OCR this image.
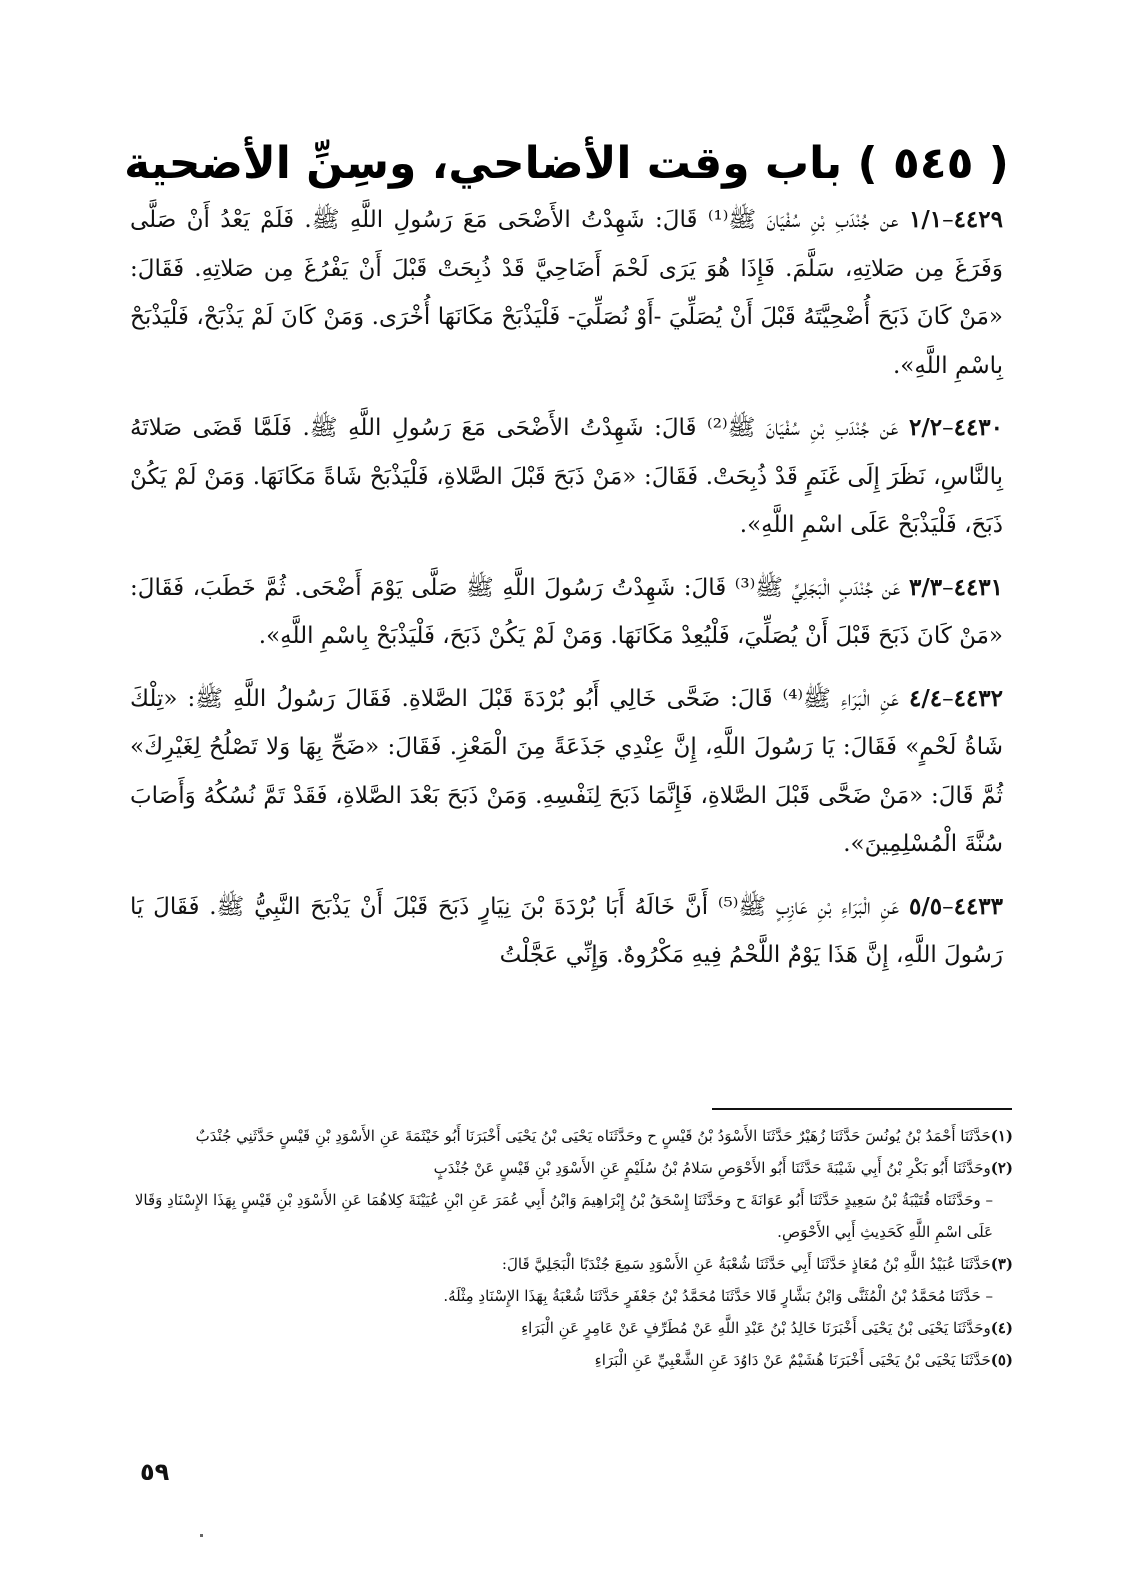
( ٥٤٥ ) باب وقت الأضاحي، وسِنِّ الأضحية

٤٤٢٩–١/١ عن جُنْدَبِ بْنِ سُفْيَانَ ﷺ⁽¹⁾ قَالَ: شَهِدْتُ الأَضْحَى مَعَ رَسُولِ اللَّهِ ﷺ. فَلَمْ يَعْدُ أَنْ صَلَّى وَفَرَغَ مِن صَلاتِهِ، سَلَّمَ. فَإِذَا هُوَ يَرَى لَحْمَ أَضَاحِيَّ قَدْ ذُبِحَتْ قَبْلَ أَنْ يَفْرُغَ مِن صَلاتِهِ. فَقَالَ: «مَنْ كَانَ ذَبَحَ أُضْحِيَّتَهُ قَبْلَ أَنْ يُصَلِّيَ -أَوْ نُصَلِّيَ- فَلْيَذْبَحْ مَكَانَهَا أُخْرَى. وَمَنْ كَانَ لَمْ يَذْبَحْ، فَلْيَذْبَحْ بِاسْمِ اللَّهِ».

٤٤٣٠–٢/٢ عَن جُنْدَبِ بْنِ سُفْيَانَ ﷺ⁽²⁾ قَالَ: شَهِدْتُ الأَضْحَى مَعَ رَسُولِ اللَّهِ ﷺ. فَلَمَّا قَضَى صَلاتَهُ بِالنَّاسِ، نَظَرَ إِلَى غَنَمٍ قَدْ ذُبِحَتْ. فَقَالَ: «مَنْ ذَبَحَ قَبْلَ الصَّلاةِ، فَلْيَذْبَحْ شَاةً مَكَانَهَا. وَمَنْ لَمْ يَكُنْ ذَبَحَ، فَلْيَذْبَحْ عَلَى اسْمِ اللَّهِ».

٤٤٣١–٣/٣ عَن جُنْدَبٍ الْبَجَلِيِّ ﷺ⁽³⁾ قَالَ: شَهِدْتُ رَسُولَ اللَّهِ ﷺ صَلَّى يَوْمَ أَضْحَى. ثُمَّ خَطَبَ، فَقَالَ: «مَنْ كَانَ ذَبَحَ قَبْلَ أَنْ يُصَلِّيَ، فَلْيُعِدْ مَكَانَهَا. وَمَنْ لَمْ يَكُنْ ذَبَحَ، فَلْيَذْبَحْ بِاسْمِ اللَّهِ».

٤٤٣٢–٤/٤ عَنِ الْبَرَاءِ ﷺ⁽⁴⁾ قَالَ: ضَحَّى خَالِي أَبُو بُرْدَةَ قَبْلَ الصَّلاةِ. فَقَالَ رَسُولُ اللَّهِ ﷺ: «تِلْكَ شَاةُ لَحْمٍ» فَقَالَ: يَا رَسُولَ اللَّهِ، إِنَّ عِنْدِي جَذَعَةً مِنَ الْمَعْزِ. فَقَالَ: «ضَحِّ بِهَا وَلا تَصْلُحُ لِغَيْرِكَ» ثُمَّ قَالَ: «مَنْ ضَحَّى قَبْلَ الصَّلاةِ، فَإِنَّمَا ذَبَحَ لِنَفْسِهِ. وَمَنْ ذَبَحَ بَعْدَ الصَّلاةِ، فَقَدْ تَمَّ نُسُكُهُ وَأَصَابَ سُنَّةَ الْمُسْلِمِينَ».

٤٤٣٣–٥/٥ عَنِ الْبَرَاءِ بْنِ عَازِبٍ ﷺ⁽⁵⁾ أَنَّ خَالَهُ أَبَا بُرْدَةَ بْنَ نِيَارٍ ذَبَحَ قَبْلَ أَنْ يَذْبَحَ النَّبِيُّ ﷺ. فَقَالَ يَا رَسُولَ اللَّهِ، إِنَّ هَذَا يَوْمٌ اللَّحْمُ فِيهِ مَكْرُوهٌ. وَإِنِّي عَجَّلْتُ

(١)حَدَّثَنَا أَحْمَدُ بْنُ يُونُسَ حَدَّثَنَا زُهَيْرٌ حَدَّثَنَا الأَسْوَدُ بْنُ قَيْسٍ ح وحَدَّثَنَاه يَحْيَى بْنُ يَحْيَى أَخْبَرَنَا أَبُو خَيْثَمَةَ عَنِ الأَسْوَدِ بْنِ قَيْسٍ حَدَّثَنِي جُنْدَبٌ

(٢)وحَدَّثَنَا أَبُو بَكْرِ بْنُ أَبِي شَيْبَةَ حَدَّثَنَا أَبُو الأَحْوَصِ سَلامُ بْنُ سُلَيْمٍ عَنِ الأَسْوَدِ بْنِ قَيْسٍ عَنْ جُنْدَبٍ

– وحَدَّثَنَاه قُتَيْبَةُ بْنُ سَعِيدٍ حَدَّثَنَا أَبُو عَوَانَةَ ح وحَدَّثَنَا إِسْحَقُ بْنُ إِبْرَاهِيمَ وَابْنُ أَبِي عُمَرَ عَنِ ابْنِ عُيَيْنَةَ كِلاهُمَا عَنِ الأَسْوَدِ بْنِ قَيْسٍ بِهَذَا الإِسْنَادِ وَقَالا عَلَى اسْمِ اللَّهِ كَحَدِيثِ أَبِي الأَحْوَصِ.

(٣)حَدَّثَنَا عُبَيْدُ اللَّهِ بْنُ مُعَاذٍ حَدَّثَنَا أَبِي حَدَّثَنَا شُعْبَةُ عَنِ الأَسْوَدِ سَمِعَ جُنْدَبًا الْبَجَلِيَّ قَالَ:

– حَدَّثَنَا مُحَمَّدُ بْنُ الْمُثَنَّى وَابْنُ بَشَّارٍ قَالا حَدَّثَنَا مُحَمَّدُ بْنُ جَعْفَرٍ حَدَّثَنَا شُعْبَةُ بِهَذَا الإِسْنَادِ مِثْلَهُ.

(٤)وحَدَّثَنَا يَحْيَى بْنُ يَحْيَى أَخْبَرَنَا خَالِدُ بْنُ عَبْدِ اللَّهِ عَنْ مُطَرِّفٍ عَنْ عَامِرٍ عَنِ الْبَرَاءِ

(٥)حَدَّثَنَا يَحْيَى بْنُ يَحْيَى أَخْبَرَنَا هُشَيْمٌ عَنْ دَاوُدَ عَنِ الشَّعْبِيِّ عَنِ الْبَرَاءِ

٥٩
